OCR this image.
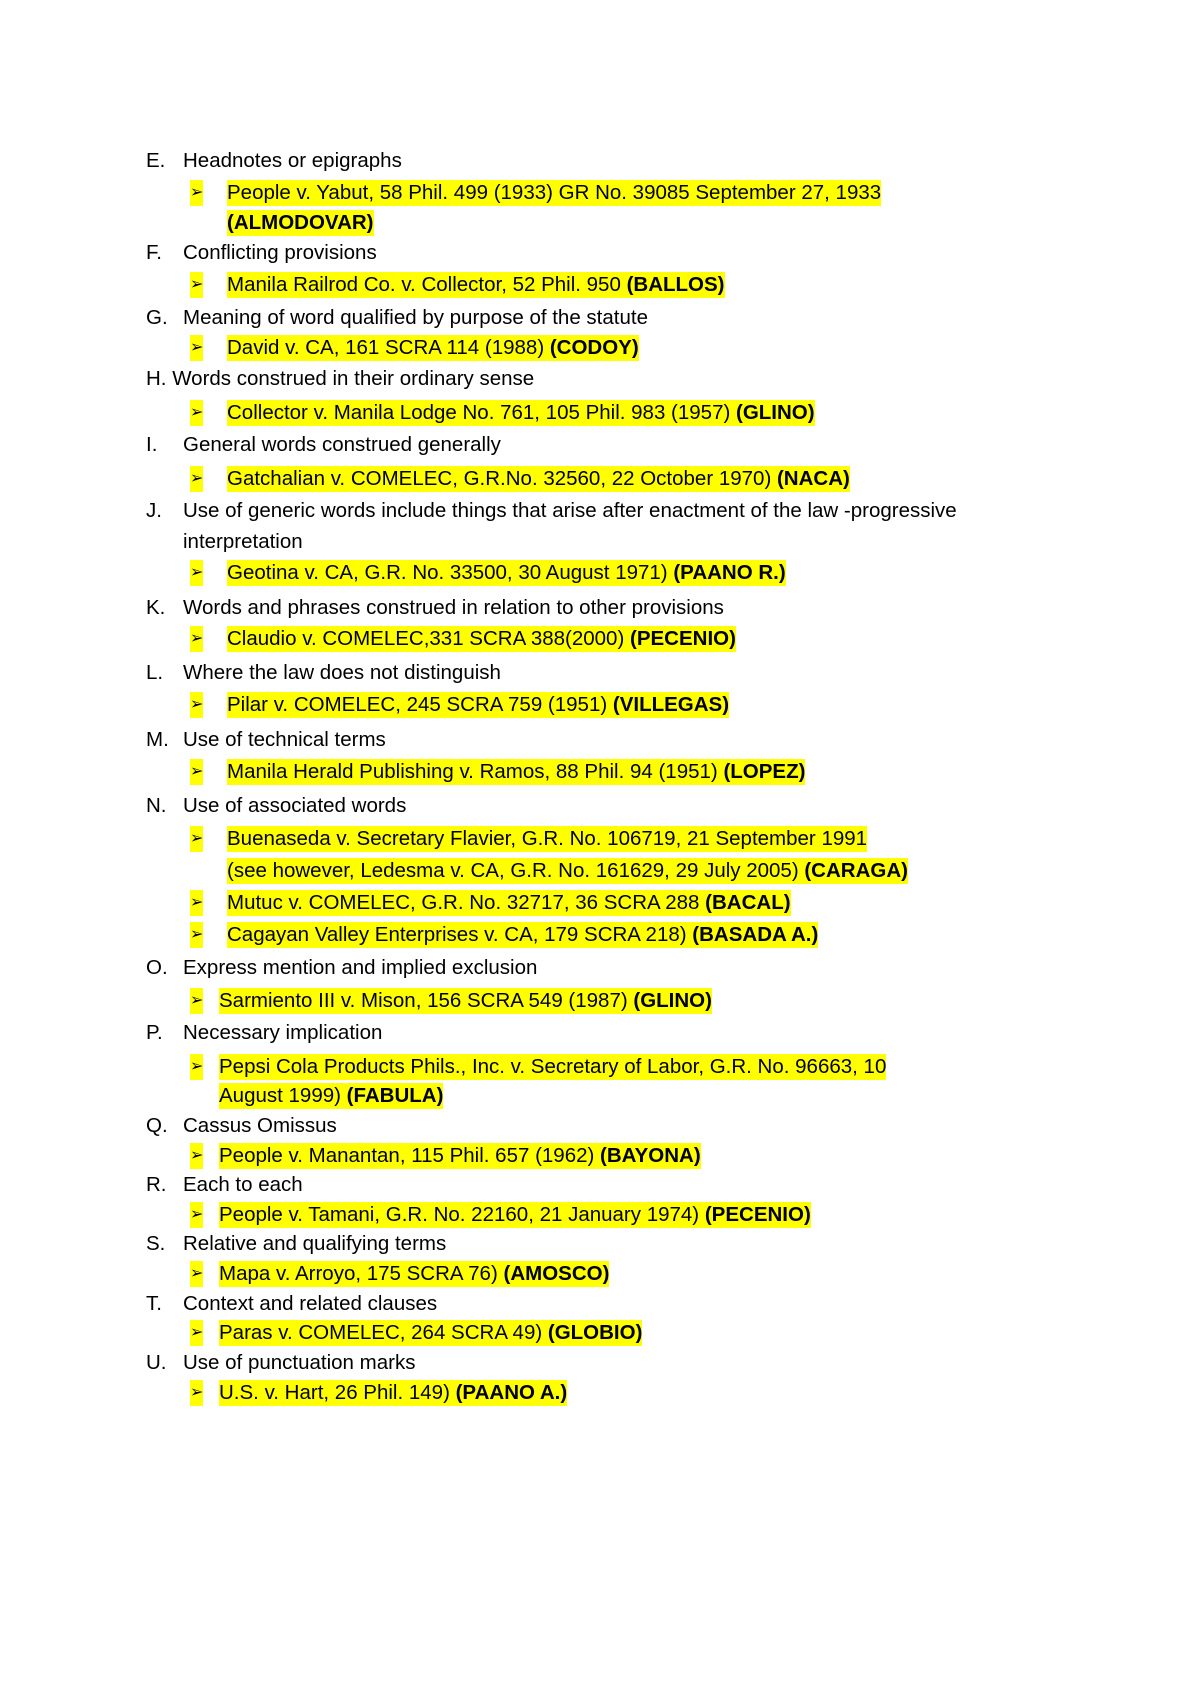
E. Headnotes or epigraphs
➢ People v. Yabut, 58 Phil. 499 (1933) GR No. 39085 September 27, 1933
(ALMODOVAR)
F. Conflicting provisions
➢ Manila Railrod Co. v. Collector, 52 Phil. 950 (BALLOS)
G. Meaning of word qualified by purpose of the statute
➢ David v. CA, 161 SCRA 114 (1988) (CODOY)
H. Words construed in their ordinary sense
➢ Collector v. Manila Lodge No. 761, 105 Phil. 983 (1957) (GLINO)
I. General words construed generally
➢ Gatchalian v. COMELEC, G.R.No. 32560, 22 October 1970) (NACA)
J. Use of generic words include things that arise after enactment of the law -progressive
interpretation
➢ Geotina v. CA, G.R. No. 33500, 30 August 1971) (PAANO R.)
K. Words and phrases construed in relation to other provisions
➢ Claudio v. COMELEC,331 SCRA 388(2000) (PECENIO)
L. Where the law does not distinguish
➢ Pilar v. COMELEC, 245 SCRA 759 (1951) (VILLEGAS)
M. Use of technical terms
➢ Manila Herald Publishing v. Ramos, 88 Phil. 94 (1951) (LOPEZ)
N. Use of associated words
➢ Buenaseda v. Secretary Flavier, G.R. No. 106719, 21 September 1991
(see however, Ledesma v. CA, G.R. No. 161629, 29 July 2005) (CARAGA)
➢ Mutuc v. COMELEC, G.R. No. 32717, 36 SCRA 288 (BACAL)
➢ Cagayan Valley Enterprises v. CA, 179 SCRA 218) (BASADA A.)
O. Express mention and implied exclusion
➢ Sarmiento III v. Mison, 156 SCRA 549 (1987) (GLINO)
P. Necessary implication
➢ Pepsi Cola Products Phils., Inc. v. Secretary of Labor, G.R. No. 96663, 10
August 1999) (FABULA)
Q. Cassus Omissus
➢ People v. Manantan, 115 Phil. 657 (1962) (BAYONA)
R. Each to each
➢ People v. Tamani, G.R. No. 22160, 21 January 1974) (PECENIO)
S. Relative and qualifying terms
➢ Mapa v. Arroyo, 175 SCRA 76) (AMOSCO)
T. Context and related clauses
➢ Paras v. COMELEC, 264 SCRA 49) (GLOBIO)
U. Use of punctuation marks
➢ U.S. v. Hart, 26 Phil. 149) (PAANO A.)
